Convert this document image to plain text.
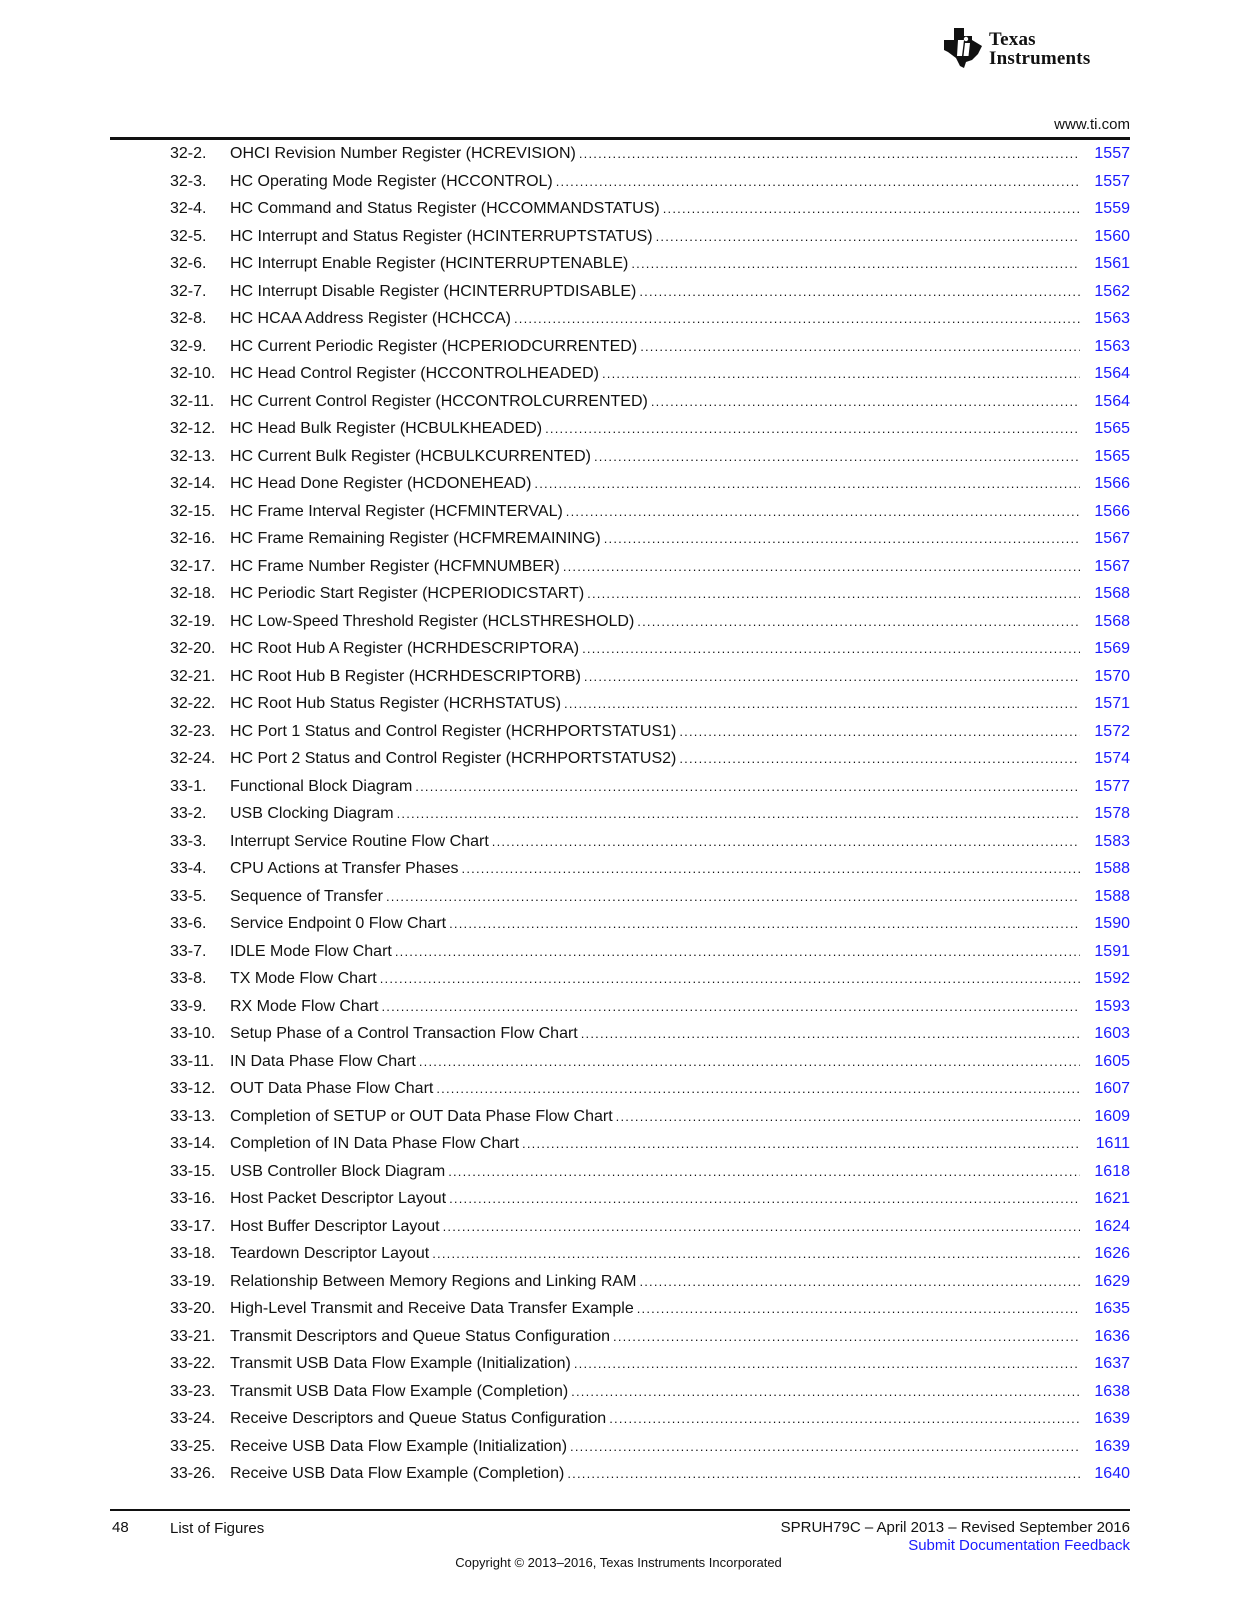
Texas
Instruments
www.ti.com
32-2.	OHCI Revision Number Register (HCREVISION) .....	1557
32-3.	HC Operating Mode Register (HCCONTROL) .....	1557
32-4.	HC Command and Status Register (HCCOMMANDSTATUS) .....	1559
32-5.	HC Interrupt and Status Register (HCINTERRUPTSTATUS) .....	1560
32-6.	HC Interrupt Enable Register (HCINTERRUPTENABLE) .....	1561
32-7.	HC Interrupt Disable Register (HCINTERRUPTDISABLE) .....	1562
32-8.	HC HCAA Address Register (HCHCCA) .....	1563
32-9.	HC Current Periodic Register (HCPERIODCURRENTED) .....	1563
32-10. HC Head Control Register (HCCONTROLHEADED) .....	1564
32-11. HC Current Control Register (HCCONTROLCURRENTED) .....	1564
32-12. HC Head Bulk Register (HCBULKHEADED) .....	1565
32-13. HC Current Bulk Register (HCBULKCURRENTED) .....	1565
32-14. HC Head Done Register (HCDONEHEAD) .....	1566
32-15. HC Frame Interval Register (HCFMINTERVAL) .....	1566
32-16. HC Frame Remaining Register (HCFMREMAINING) .....	1567
32-17. HC Frame Number Register (HCFMNUMBER) .....	1567
32-18. HC Periodic Start Register (HCPERIODICSTART) .....	1568
32-19. HC Low-Speed Threshold Register (HCLSTHRESHOLD) .....	1568
32-20. HC Root Hub A Register (HCRHDESCRIPTORA) .....	1569
32-21. HC Root Hub B Register (HCRHDESCRIPTORB) .....	1570
32-22. HC Root Hub Status Register (HCRHSTATUS) .....	1571
32-23. HC Port 1 Status and Control Register (HCRHPORTSTATUS1) .....	1572
32-24. HC Port 2 Status and Control Register (HCRHPORTSTATUS2) .....	1574
33-1.	Functional Block Diagram .....	1577
33-2.	USB Clocking Diagram .....	1578
33-3.	Interrupt Service Routine Flow Chart .....	1583
33-4.	CPU Actions at Transfer Phases .....	1588
33-5.	Sequence of Transfer .....	1588
33-6.	Service Endpoint 0 Flow Chart .....	1590
33-7.	IDLE Mode Flow Chart .....	1591
33-8.	TX Mode Flow Chart .....	1592
33-9.	RX Mode Flow Chart .....	1593
33-10. Setup Phase of a Control Transaction Flow Chart .....	1603
33-11. IN Data Phase Flow Chart .....	1605
33-12. OUT Data Phase Flow Chart .....	1607
33-13. Completion of SETUP or OUT Data Phase Flow Chart .....	1609
33-14. Completion of IN Data Phase Flow Chart .....	1611
33-15. USB Controller Block Diagram .....	1618
33-16. Host Packet Descriptor Layout .....	1621
33-17. Host Buffer Descriptor Layout .....	1624
33-18. Teardown Descriptor Layout .....	1626
33-19. Relationship Between Memory Regions and Linking RAM .....	1629
33-20. High-Level Transmit and Receive Data Transfer Example .....	1635
33-21. Transmit Descriptors and Queue Status Configuration .....	1636
33-22. Transmit USB Data Flow Example (Initialization) .....	1637
33-23. Transmit USB Data Flow Example (Completion) .....	1638
33-24. Receive Descriptors and Queue Status Configuration .....	1639
33-25. Receive USB Data Flow Example (Initialization) .....	1639
33-26. Receive USB Data Flow Example (Completion) .....	1640
48	List of Figures	SPRUH79C – April 2013 – Revised September 2016
Submit Documentation Feedback
Copyright © 2013–2016, Texas Instruments Incorporated
